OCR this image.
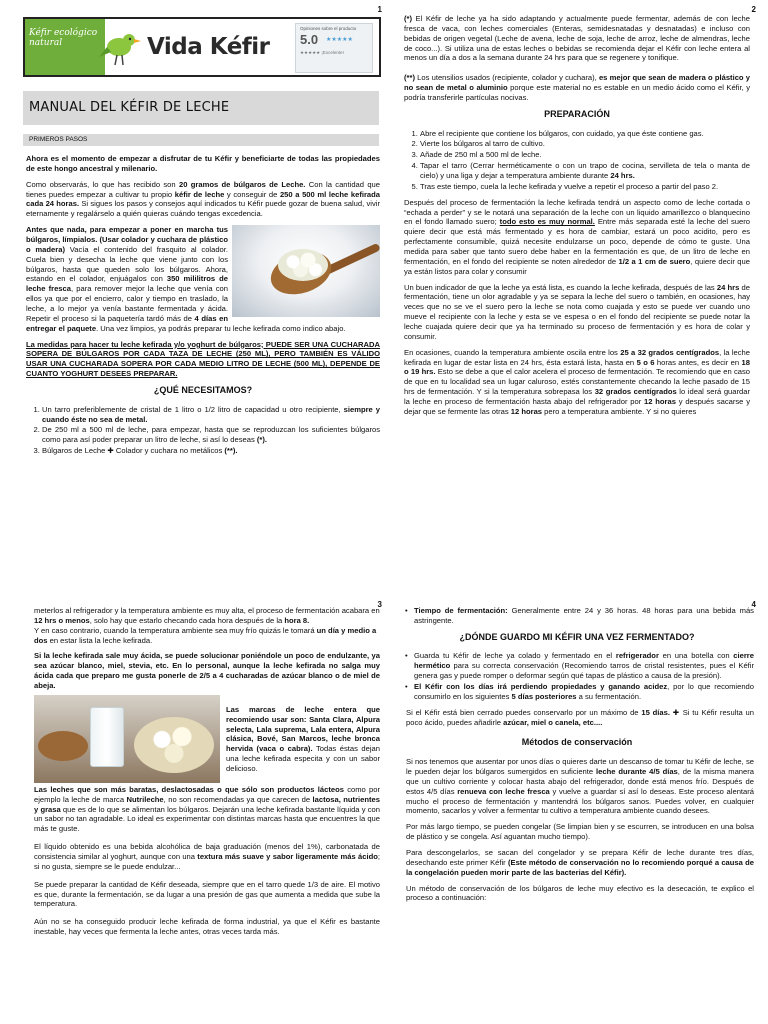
1
Kéfir ecológico natural	Vida Kéfir
Opiniones sobre el producto
5.0	★★★★★
★★★★★ ¡Excelente!
MANUAL DEL KÉFIR DE LECHE
PRIMEROS PASOS

Ahora es el momento de empezar a disfrutar de tu Kéfir y beneficiarte de todas las propiedades de este hongo ancestral y milenario.

Como observarás, lo que has recibido son 20 gramos de búlgaros de Leche. Con la cantidad que tienes puedes empezar a cultivar tu propio kéfir de leche y conseguir de 250 a 500 ml leche kefirada cada 24 horas. Si sigues los pasos y consejos aquí indicados tu Kéfir puede gozar de buena salud, vivir eternamente y regalárselo a quién quieras cuándo tengas excedencia.

Antes que nada, para empezar a poner en marcha tus búlgaros, límpialos. (Usar colador y cuchara de plástico o madera) Vacía el contenido del frasquito al colador. Cuela bien y desecha la leche que viene junto con los búlgaros, hasta que queden solo los búlgaros. Ahora, estando en el colador, enjuágalos con 350 mililitros de leche fresca, para remover mejor la leche que venía con ellos ya que por el encierro, calor y tiempo en traslado, la leche, a lo mejor ya venía bastante fermentada y ácida. Repetir el proceso si la paquetería tardó más de 4 días en entregar el paquete. Una vez limpios, ya podrás preparar tu leche kefirada como indico abajo.

La medidas para hacer tu leche kefirada y/o yoghurt de búlgaros; PUEDE SER UNA CUCHARADA SOPERA DE BÚLGAROS POR CADA TAZA DE LECHE (250 ML), PERO TAMBIÉN ES VÁLIDO USAR UNA CUCHARADA SOPERA POR CADA MEDIO LITRO DE LECHE (500 ML), DEPENDE DE CUANTO YOGHURT DESEES PREPARAR.

¿QUÉ NECESITAMOS?
1. Un tarro preferiblemente de cristal de 1 litro o 1/2 litro de capacidad u otro recipiente, siempre y cuando éste no sea de metal.
2. De 250 ml a 500 ml de leche, para empezar, hasta que se reproduzcan los suficientes búlgaros como para así poder preparar un litro de leche, si así lo deseas (*).
3. Búlgaros de Leche ✚ Colador y cuchara no metálicos (**).
2

(*) El Kéfir de leche ya ha sido adaptando y actualmente puede fermentar, además de con leche fresca de vaca, con leches comerciales (Enteras, semidesnatadas y desnatadas) e incluso con bebidas de origen vegetal (Leche de avena, leche de soja, leche de arroz, leche de almendras, leche de coco...). Si utiliza una de estas leches o bebidas se recomienda dejar el Kéfir con leche entera al menos un día a dos a la semana durante 24 hrs para que se regenere y tonifique.

(**) Los utensilios usados (recipiente, colador y cuchara), es mejor que sean de madera o plástico y no sean de metal o aluminio porque este material no es estable en un medio ácido como el Kéfir, y podría transferirle partículas nocivas.

PREPARACIÓN
1. Abre el recipiente que contiene los búlgaros, con cuidado, ya que éste contiene gas.
2. Vierte los búlgaros al tarro de cultivo.
3. Añade de 250 ml a 500 ml de leche.
4. Tapar el tarro (Cerrar herméticamente o con un trapo de cocina, servilleta de tela o manta de cielo) y una liga y dejar a temperatura ambiente durante 24 hrs.
5. Tras este tiempo, cuela la leche kefirada y vuelve a repetir el proceso a partir del paso 2.

Después del proceso de fermentación la leche kefirada tendrá un aspecto como de leche cortada o “echada a perder” y se le notará una separación de la leche con un liquido amarillezco o blanquecino en el fondo llamado suero; todo esto es muy normal. Entre más separada esté la leche del suero quiere decir que está más fermentado y es hora de cambiar, estará un poco acidito, pero es perfectamente consumible, quizá necesite endulzarse un poco, depende de cómo te guste. Una medida para saber que tanto suero debe haber en la fermentación es que, de un litro de leche en fermentación, en el fondo del recipiente se noten alrededor de 1/2 a 1 cm de suero, quiere decir que ya están listos para colar y consumir

Un buen indicador de que la leche ya está lista, es cuando la leche kefirada, después de las 24 hrs de fermentación, tiene un olor agradable y ya se separa la leche del suero o también, en ocasiones, hay veces que no se ve el suero pero la leche se nota como cuajada y esto se puede ver cuando uno mueve el recipiente con la leche y esta se ve espesa o en el fondo del recipiente se puede notar la leche cuajada quiere decir que ya ha terminado su proceso de fermentación y es hora de colar y consumir.

En ocasiones, cuando la temperatura ambiente oscila entre los 25 a 32 grados centígrados, la leche kefirada en lugar de estar lista en 24 hrs, ésta estará lista, hasta en 5 o 6 horas antes, es decir en 18 o 19 hrs. Esto se debe a que el calor acelera el proceso de fermentación. Te recomiendo que en caso de que en tu localidad sea un lugar caluroso, estés constantemente checando la leche pasado de 15 hrs de fermentación. Y si la temperatura sobrepasa los 32 grados centígrados lo ideal será guardar la leche en proceso de fermentación hasta abajo del refrigerador por 12 horas y después sacarse y dejar que se fermente las otras 12 horas pero a temperatura ambiente. Y si no quieres

3

meterlos al refrigerador y la temperatura ambiente es muy alta, el proceso de fermentación acabara en 12 hrs o menos, solo hay que estarlo checando cada hora después de la hora 8.
Y en caso contrario, cuando la temperatura ambiente sea muy frío quizás le tomará un día y medio a dos en estar lista la leche kefirada.

Si la leche kefirada sale muy ácida, se puede solucionar poniéndole un poco de endulzante, ya sea azúcar blanco, miel, stevia, etc. En lo personal, aunque la leche kefirada no salga muy ácida cada que preparo me gusta ponerle de 2/5 a 4 cucharadas de azúcar blanco o de miel de abeja.

Las marcas de leche entera que recomiendo usar son: Santa Clara, Alpura selecta, Lala suprema, Lala entera, Alpura clásica, Bové, San Marcos, leche bronca hervida (vaca o cabra). Todas éstas dejan una leche kefirada especita y con un sabor delicioso.

Las leches que son más baratas, deslactosadas o que sólo son productos lácteos como por ejemplo la leche de marca Nutrileche, no son recomendadas ya que carecen de lactosa, nutrientes y grasa que es de lo que se alimentan los búlgaros. Dejarán una leche kefirada bastante líquida y con un sabor no tan agradable. Lo ideal es experimentar con distintas marcas hasta que encuentres la que más te guste.

El líquido obtenido es una bebida alcohólica de baja graduación (menos del 1%), carbonatada de consistencia similar al yoghurt, aunque con una textura más suave y sabor ligeramente más ácido; si no gusta, siempre se le puede endulzar...

Se puede preparar la cantidad de Kéfir deseada, siempre que en el tarro quede 1/3 de aire. El motivo es que, durante la fermentación, se da lugar a una presión de gas que aumenta a medida que sube la temperatura.

Aún no se ha conseguido producir leche kefirada de forma industrial, ya que el Kéfir es bastante inestable, hay veces que fermenta la leche antes, otras veces tarda más.

4
• Tiempo de fermentación: Generalmente entre 24 y 36 horas. 48 horas para una bebida más astringente.
¿DÓNDE GUARDO MI KÉFIR UNA VEZ FERMENTADO?
• Guarda tu Kéfir de leche ya colado y fermentado en el refrigerador en una botella con cierre hermético para su correcta conservación (Recomiendo tarros de cristal resistentes, pues el Kéfir genera gas y puede romper o deformar según qué tapas de plástico a causa de la presión).
• El Kéfir con los días irá perdiendo propiedades y ganando acidez, por lo que recomiendo consumirlo en los siguientes 5 días posteriores a su fermentación.

Si el Kéfir está bien cerrado puedes conservarlo por un máximo de 15 días. ✚ Si tu Kéfir resulta un poco ácido, puedes añadirle azúcar, miel o canela, etc....

Métodos de conservación

Si nos tenemos que ausentar por unos días o quieres darte un descanso de tomar tu Kéfir de leche, se le pueden dejar los búlgaros sumergidos en suficiente leche durante 4/5 días, de la misma manera que un cultivo corriente y colocar hasta abajo del refrigerador, donde está menos frío. Después de estos 4/5 días renueva con leche fresca y vuelve a guardar sí así lo deseas. Este proceso alentará mucho el proceso de fermentación y mantendrá los búlgaros sanos. Puedes volver, en cualquier momento, sacarlos y volver a fermentar tu cultivo a temperatura ambiente cuando desees.

Por más largo tiempo, se pueden congelar (Se limpian bien y se escurren, se introducen en una bolsa de plástico y se congela. Así aguantan mucho tiempo).

Para descongelarlos, se sacan del congelador y se prepara Kéfir de leche durante tres días, desechando este primer Kéfir (Este método de conservación no lo recomiendo porqué a causa de la congelación pueden morir parte de las bacterias del Kéfir).

Un método de conservación de los búlgaros de leche muy efectivo es la desecación, te explico el proceso a continuación:
